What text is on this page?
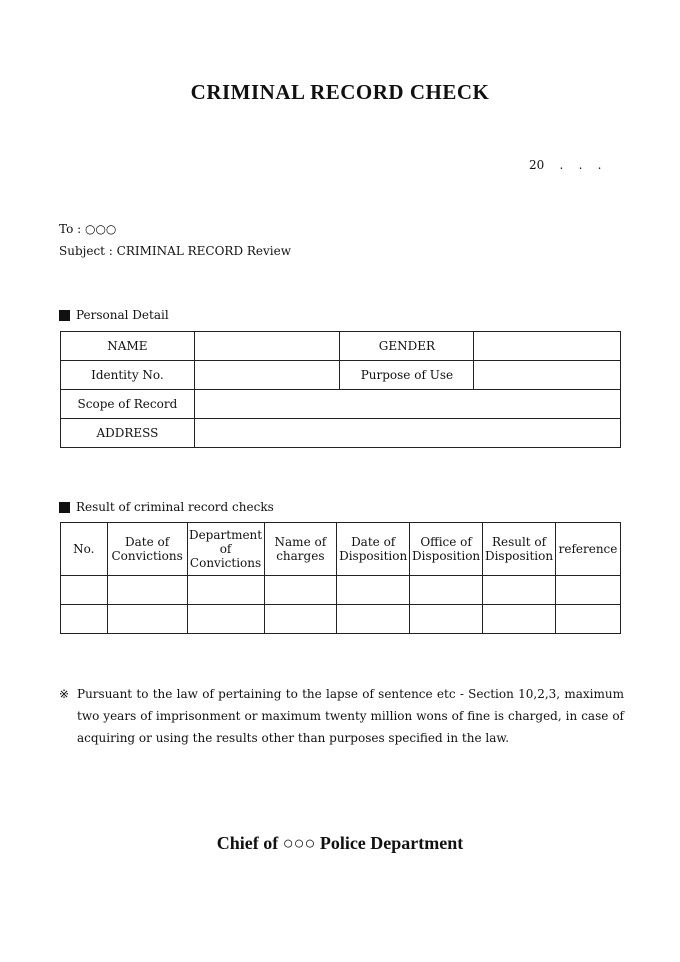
CRIMINAL RECORD CHECK
20    .    .    .
To : ○○○
Subject : CRIMINAL RECORD Review
Personal Detail
NAME		GENDER	
Identity No.		Purpose of Use	
Scope of Record			
ADDRESS			
Result of criminal record checks
No.	Date of Convictions	Department of Convictions	Name of charges	Date of Disposition	Office of Disposition	Result of Disposition	reference

※ Pursuant to the law of pertaining to the lapse of sentence etc - Section 10,2,3, maximum two years of imprisonment or maximum twenty million wons of fine is charged, in case of acquiring or using the results other than purposes specified in the law.
Chief of ○○○ Police Department
